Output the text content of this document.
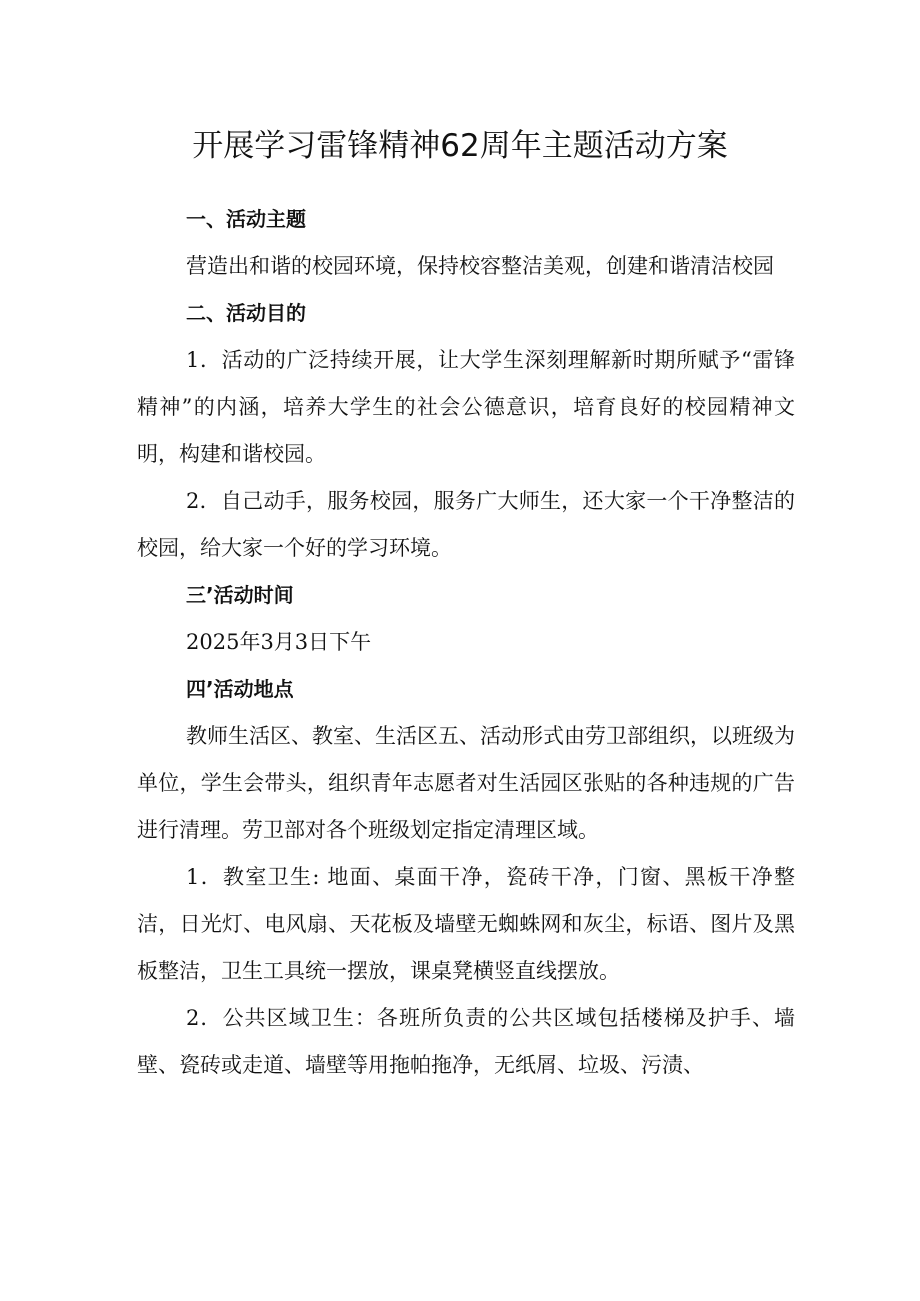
开展学习雷锋精神62周年主题活动方案

一、活动主题

营造出和谐的校园环境，保持校容整洁美观，创建和谐清洁校园

二、活动目的

1．活动的广泛持续开展，让大学生深刻理解新时期所赋予“雷锋精神”的内涵，培养大学生的社会公德意识，培育良好的校园精神文明，构建和谐校园。

2．自己动手，服务校园，服务广大师生，还大家一个干净整洁的校园，给大家一个好的学习环境。

三’活动时间

2025年3月3日下午

四’活动地点

教师生活区、教室、生活区五、活动形式由劳卫部组织，以班级为单位，学生会带头，组织青年志愿者对生活园区张贴的各种违规的广告进行清理。劳卫部对各个班级划定指定清理区域。

1．教室卫生: 地面、桌面干净，瓷砖干净，门窗、黑板干净整洁，日光灯、电风扇、天花板及墙壁无蜘蛛网和灰尘，标语、图片及黑板整洁，卫生工具统一摆放，课桌凳横竖直线摆放。

2．公共区域卫生：各班所负责的公共区域包括楼梯及护手、墙壁、瓷砖或走道、墙壁等用拖帕拖净，无纸屑、垃圾、污渍、
